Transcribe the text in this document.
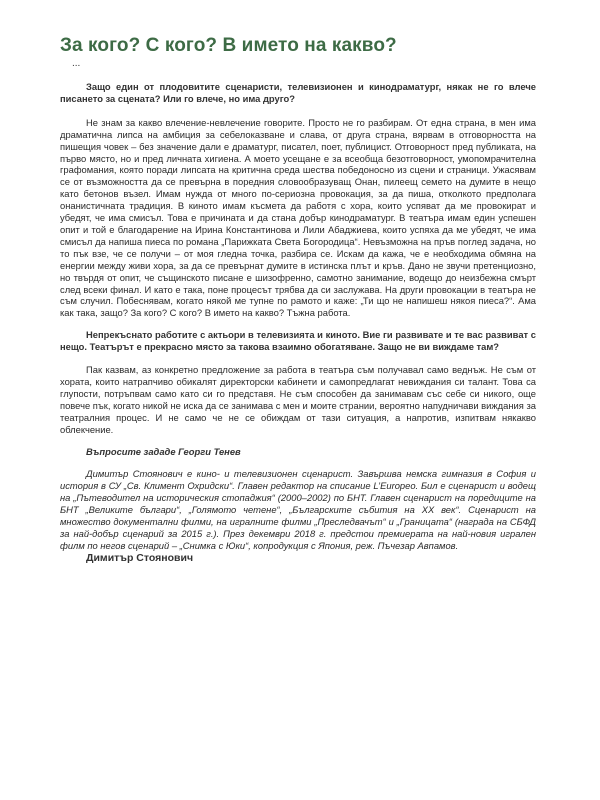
За кого? С кого? В името на какво?
...

Защо един от плодовитите сценаристи, телевизионен и кинодраматург, някак не го влече писането за сцената? Или го влече, но има друго?

Не знам за какво влечение-невлечение говорите. Просто не го разбирам. От една страна, в мен има драматична липса на амбиция за себелоказване и слава, от друга страна, вярвам в отговорността на пишещия човек – без значение дали е драматург, писател, поет, публицист. Отговорност пред публиката, на първо място, но и пред личната хигиена. А моето усещане е за всеобща безотговорност, умопомрачителна графомания, която поради липсата на критична среда шества победоносно из сцени и страници. Ужасявам се от възможността да се превърна в поредния словообразуващ Онан, пилеещ семето на думите в нещо като бетонов възел. Имам нужда от много по-сериозна провокация, за да пиша, отколкото предполага онанистичната традиция. В киното имам късмета да работя с хора, които успяват да ме провокират и убедят, че има смисъл. Това е причината и да стана добър кинодраматург. В театъра имам един успешен опит и той е благодарение на Ирина Константинова и Лили Абаджиева, които успяха да ме убедят, че има смисъл да напиша пиеса по романа „Парижката Света Богородица“. Невъзможна на пръв поглед задача, но то пък взе, че се получи – от моя гледна точка, разбира се. Искам да кажа, че е необходима обмяна на енергии между живи хора, за да се превърнат думите в истинска плът и кръв. Дано не звучи претенциозно, но твърдя от опит, че същинското писане е шизофренно, самотно занимание, водещо до неизбежна смърт след всеки финал. И като е така, поне процесът трябва да си заслужава. На други провокации в театъра не съм случил. Побеснявам, когато някой ме тупне по рамото и каже: „Ти що не напишеш някоя пиеса?“. Ама как така, защо? За кого? С кого? В името на какво? Тъжна работа.

Непрекъснато работите с актьори в телевизията и киното. Вие ги развивате и те вас развиват с нещо. Театърът е прекрасно място за такова взаимно обогатяване. Защо не ви виждаме там?

Пак казвам, аз конкретно предложение за работа в театъра съм получавал само веднъж. Не съм от хората, които натрапчиво обикалят директорски кабинети и самопредлагат невиждания си талант. Това са глупости, потръпвам само като си го представя. Не съм способен да занимавам със себе си никого, още повече пък, когато никой не иска да се занимава с мен и моите странии, вероятно напудничави виждания за театралния процес. И не само че не се обиждам от тази ситуация, а напротив, изпитвам някакво облекчение.

Въпросите зададе Георги Тенев

Димитър Стоянович е кино- и телевизионен сценарист. Завършва немска гимназия в София и история в СУ „Св. Климент Охридски“. Главен редактор на списание L’Europeo. Бил е сценарист и водещ на „Пътеводител на историческия стопаджия“ (2000–2002) по БНТ. Главен сценарист на поредиците на БНТ „Великите българи“, „Голямото четене“, „Българските събития на XX век“. Сценарист на множество документални филми, на игралните филми „Преследвачът“ и „Границата“ (награда на СБФД за най-добър сценарий за 2015 г.). През декември 2018 г. предстои премиерата на най-новия игрален филм по негов сценарий – „Снимка с Юки“, копродукция с Япония, реж. Пъчезар Авпамов.

Димитър Стоянович
